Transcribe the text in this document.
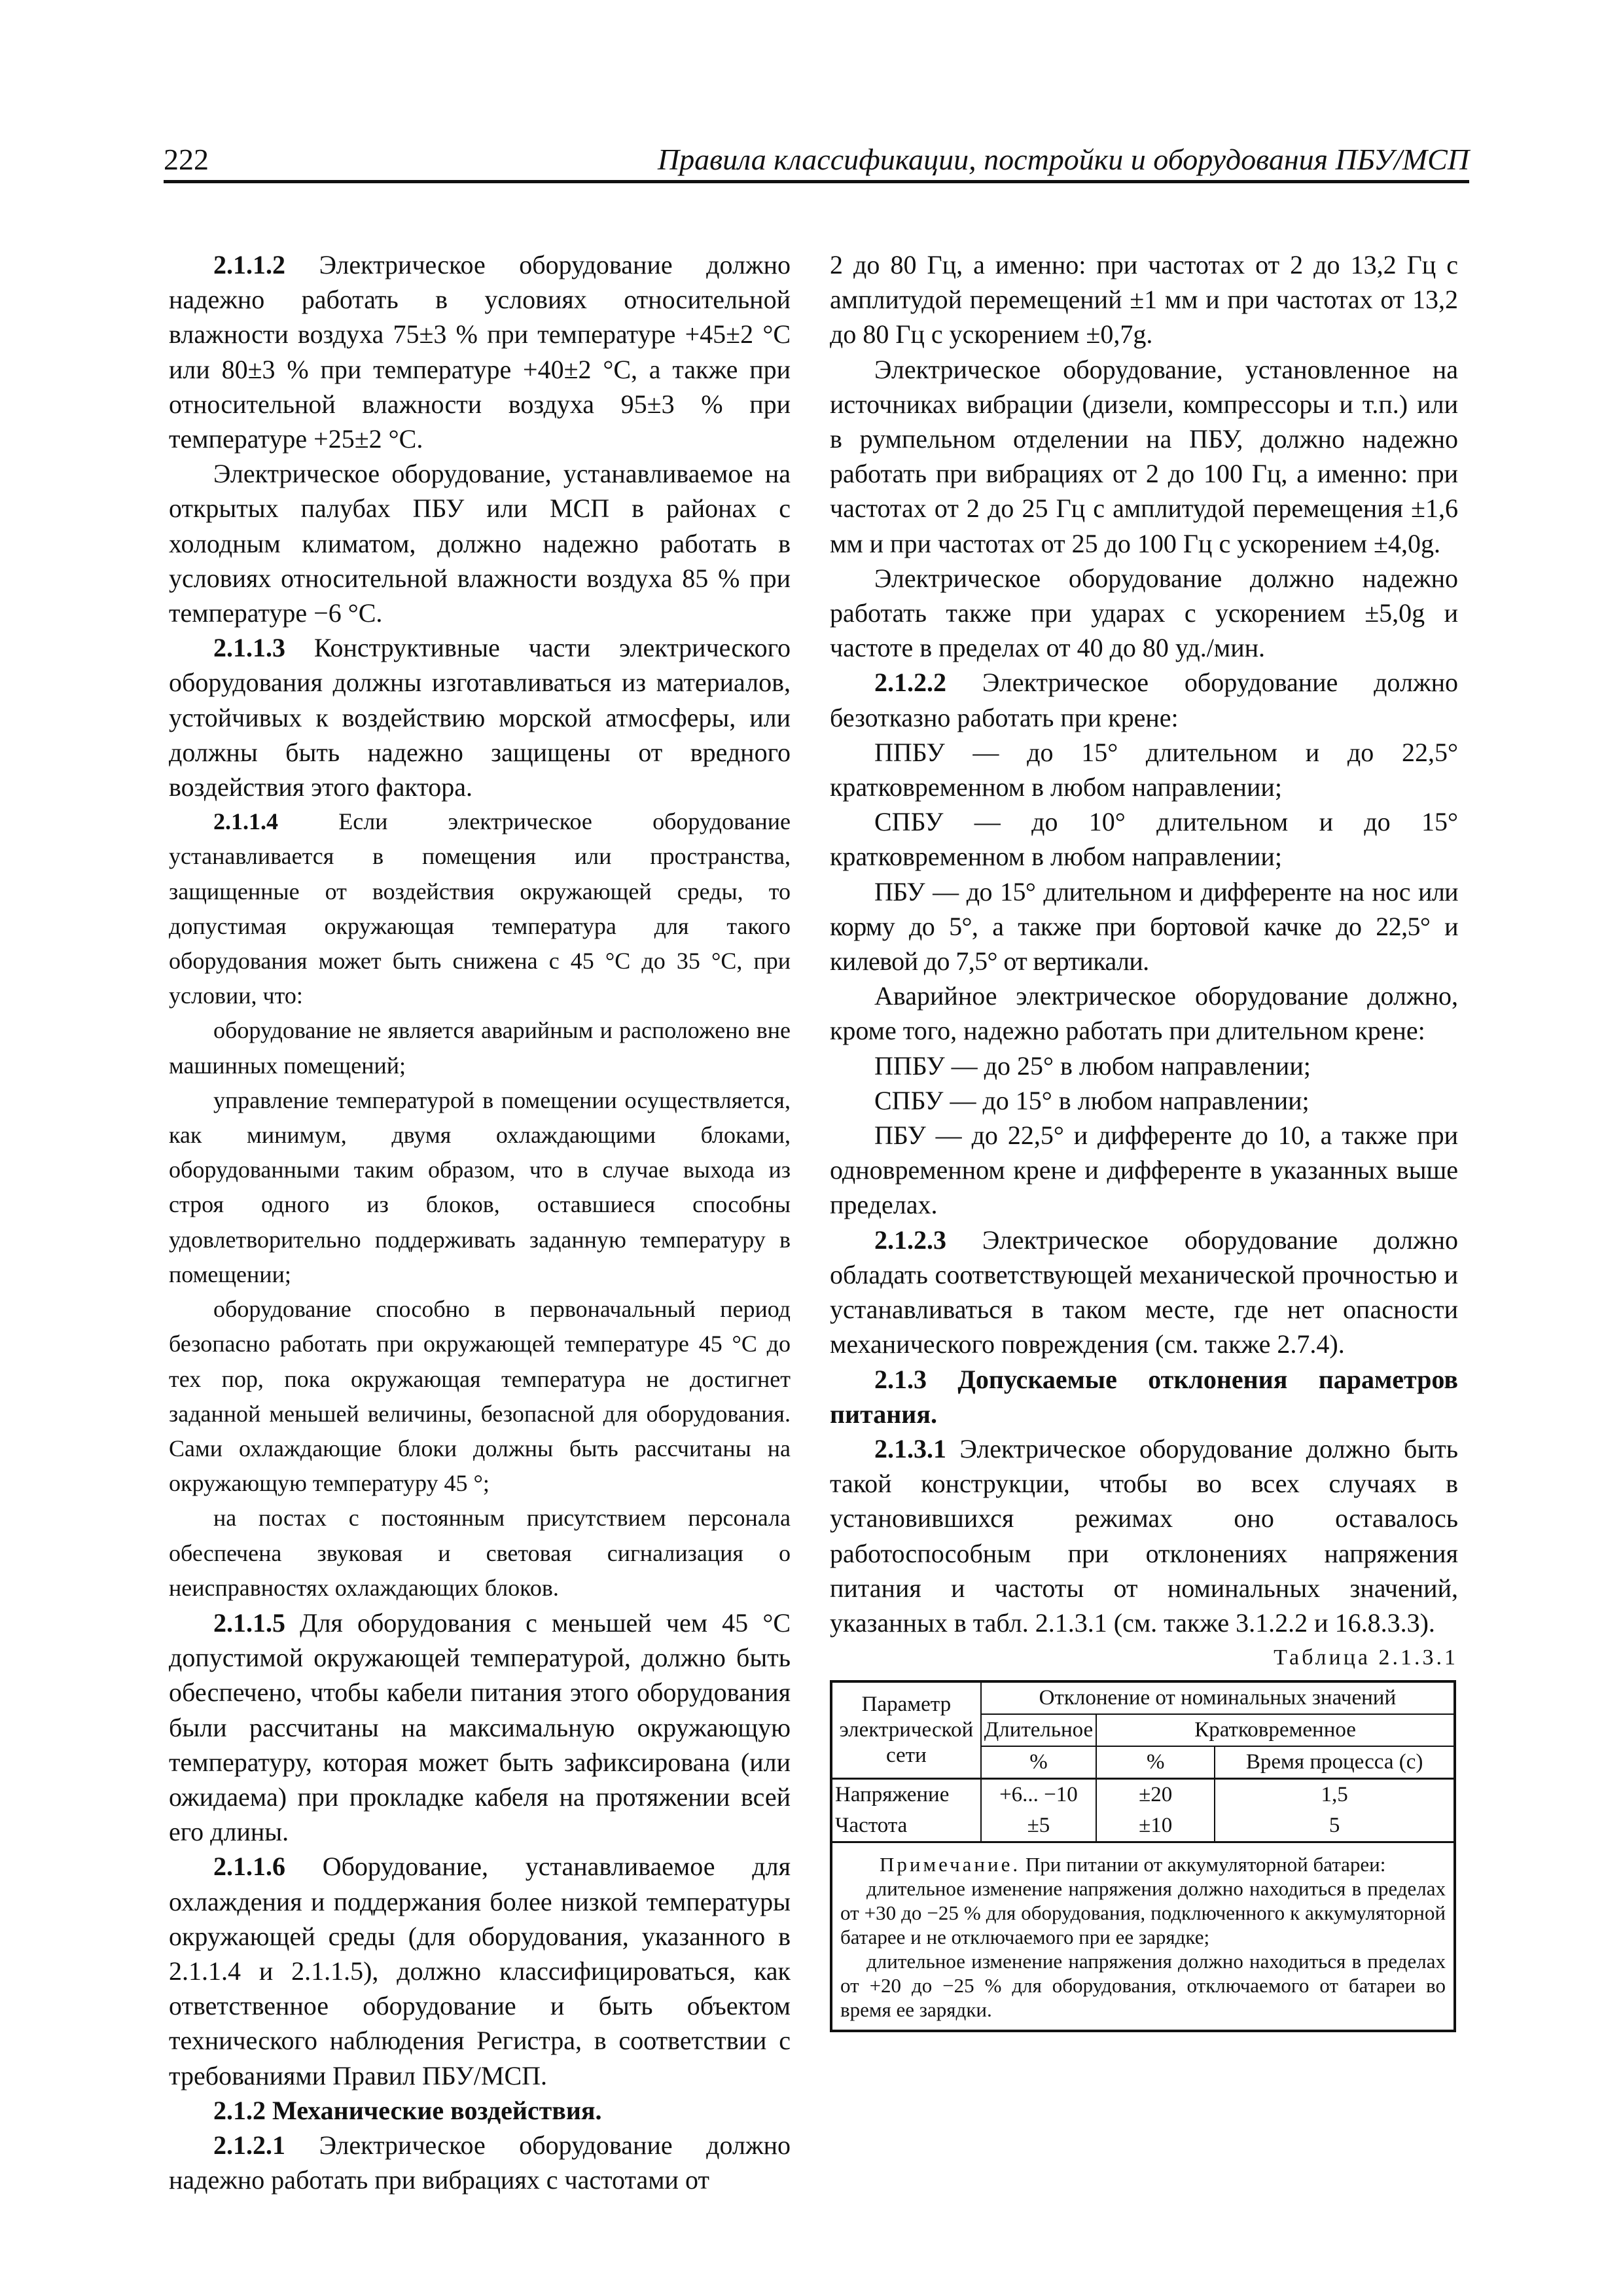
222	Правила классификации, постройки и оборудования ПБУ/МСП

2.1.1.2 Электрическое оборудование должно надежно работать в условиях относительной влажности воздуха 75±3 % при температуре +45±2 °С или 80±3 % при температуре +40±2 °С, а также при относительной влажности воздуха 95±3 % при температуре +25±2 °С.

Электрическое оборудование, устанавливаемое на открытых палубах ПБУ или МСП в районах с холодным климатом, должно надежно работать в условиях относительной влажности воздуха 85 % при температуре −6 °С.

2.1.1.3 Конструктивные части электрического оборудования должны изготавливаться из материалов, устойчивых к воздействию морской атмосферы, или должны быть надежно защищены от вредного воздействия этого фактора.

2.1.1.4 Если электрическое оборудование устанавливается в помещения или пространства, защищенные от воздействия окружающей среды, то допустимая окружающая температура для такого оборудования может быть снижена с 45 °С до 35 °С, при условии, что:

оборудование не является аварийным и расположено вне машинных помещений;

управление температурой в помещении осуществляется, как минимум, двумя охлаждающими блоками, оборудованными таким образом, что в случае выхода из строя одного из блоков, оставшиеся способны удовлетворительно поддерживать заданную температуру в помещении;

оборудование способно в первоначальный период безопасно работать при окружающей температуре 45 °С до тех пор, пока окружающая температура не достигнет заданной меньшей величины, безопасной для оборудования. Сами охлаждающие блоки должны быть рассчитаны на окружающую температуру 45 °;

на постах с постоянным присутствием персонала обеспечена звуковая и световая сигнализация о неисправностях охлаждающих блоков.

2.1.1.5 Для оборудования с меньшей чем 45 °С допустимой окружающей температурой, должно быть обеспечено, чтобы кабели питания этого оборудования были рассчитаны на максимальную окружающую температуру, которая может быть зафиксирована (или ожидаема) при прокладке кабеля на протяжении всей его длины.

2.1.1.6 Оборудование, устанавливаемое для охлаждения и поддержания более низкой температуры окружающей среды (для оборудования, указанного в 2.1.1.4 и 2.1.1.5), должно классифицироваться, как ответственное оборудование и быть объектом технического наблюдения Регистра, в соответствии с требованиями Правил ПБУ/МСП.

2.1.2 Механические воздействия.

2.1.2.1 Электрическое оборудование должно надежно работать при вибрациях с частотами от

2 до 80 Гц, а именно: при частотах от 2 до 13,2 Гц с амплитудой перемещений ±1 мм и при частотах от 13,2 до 80 Гц с ускорением ±0,7g.

Электрическое оборудование, установленное на источниках вибрации (дизели, компрессоры и т.п.) или в румпельном отделении на ПБУ, должно надежно работать при вибрациях от 2 до 100 Гц, а именно: при частотах от 2 до 25 Гц с амплитудой перемещения ±1,6 мм и при частотах от 25 до 100 Гц с ускорением ±4,0g.

Электрическое оборудование должно надежно работать также при ударах с ускорением ±5,0g и частоте в пределах от 40 до 80 уд./мин.

2.1.2.2 Электрическое оборудование должно безотказно работать при крене:

ППБУ — до 15° длительном и до 22,5° кратковременном в любом направлении;

СПБУ — до 10° длительном и до 15° кратковременном в любом направлении;

ПБУ — до 15° длительном и дифференте на нос или корму до 5°, а также при бортовой качке до 22,5° и килевой до 7,5° от вертикали.

Аварийное электрическое оборудование должно, кроме того, надежно работать при длительном крене:

ППБУ — до 25° в любом направлении;

СПБУ — до 15° в любом направлении;

ПБУ — до 22,5° и дифференте до 10, а также при одновременном крене и дифференте в указанных выше пределах.

2.1.2.3 Электрическое оборудование должно обладать соответствующей механической прочностью и устанавливаться в таком месте, где нет опасности механического повреждения (см. также 2.7.4).

2.1.3 Допускаемые отклонения параметров питания.

2.1.3.1 Электрическое оборудование должно быть такой конструкции, чтобы во всех случаях в установившихся режимах оно оставалось работоспособным при отклонениях напряжения питания и частоты от номинальных значений, указанных в табл. 2.1.3.1 (см. также 3.1.2.2 и 16.8.3.3).

Таблица 2.1.3.1

Параметр электрической сети	Отклонение от номинальных значений		
	Длительное	Кратковременное	
	%	%	Время процесса (с)
Напряжение	+6... −10	±20	1,5
Частота	±5	±10	5

Примечание. При питании от аккумуляторной батареи:
длительное изменение напряжения должно находиться в пределах от +30 до −25 % для оборудования, подключенного к аккумуляторной батарее и не отключаемого при ее зарядке;
длительное изменение напряжения должно находиться в пределах от +20 до −25 % для оборудования, отключаемого от батареи во время ее зарядки.			
